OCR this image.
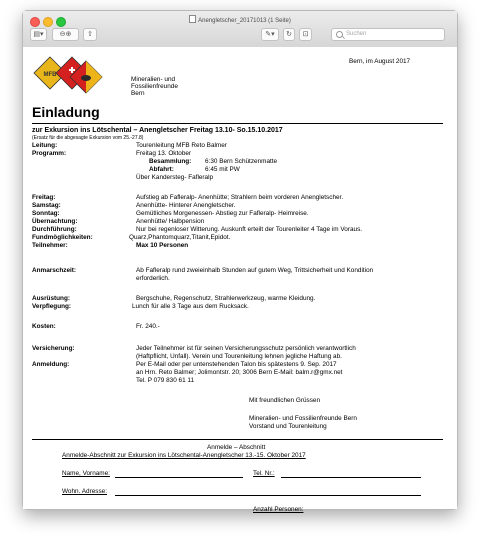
Anengletscher_20171013 (1 Seite)
▤▾	⊖⊕	⇧	✎▾	↻	⊡	Suchen
MFB
Mineralien- und
Fossilienfreunde
Bern
Bern, im August 2017
Einladung
zur Exkursion ins Lötschental – Anengletscher Freitag 13.10- So.15.10.2017
(Ersatz für die abgesagte Exkursion vom 25.-27.8)
Leitung:	Tourenleitung MFB Reto Balmer
Programm:	Freitag 13. Oktober
Besammlung: 6:30 Bern Schützenmatte
Abfahrt:	6:45 mit PW
Über Kandersteg- Fafleralp
Freitag:	Aufstieg ab Fafleralp- Anenhütte; Strahlern beim vorderen Anengletscher.
Samstag:	Anenhütte- Hinterer Anengletscher.
Sonntag:	Gemütliches Morgenessen- Abstieg zur Fafleralp- Heimreise.
Übernachtung:	Anenhütte/ Halbpension
Durchführung:	Nur bei regenloser Witterung. Auskunft erteilt der Tourenleiter 4 Tage im Voraus.
Fundmöglichkeiten:	Quarz,Phantomquarz,Titanit,Epidot.
Teilnehmer:	Max 10 Personen
Anmarschzeit:	Ab Fafleralp rund zweieinhalb Stunden auf gutem Weg, Trittsicherheit und Kondition
erforderlich.
Ausrüstung:	Bergschuhe, Regenschutz, Strahlerwerkzeug, warme Kleidung.
Verpflegung:	Lunch für alle 3 Tage aus dem Rucksack.
Kosten:	Fr. 240.-
Versicherung:	Jeder Teilnehmer ist für seinen Versicherungsschutz persönlich verantwortlich
(Haftpflicht, Unfall). Verein und Tourenleitung lehnen jegliche Haftung ab.
Anmeldung:	Per E-Mail oder per untenstehenden Talon bis spätestens 9. Sep. 2017
an Hrn. Reto Balmer; Jolimontstr. 20; 3006 Bern E-Mail: balm.r@gmx.net
Tel. P 079 830 61 11
Mit freundlichen Grüssen
Mineralien- und Fossilienfreunde Bern
Vorstand und Tourenleitung
Anmelde – Abschnitt
Anmelde-Abschnitt zur Exkursion ins Lötschental-Anengletscher 13.-15. Oktober 2017
Name, Vorname:	Tel. Nr.:
Wohn. Adresse:
Anzahl Personen:
